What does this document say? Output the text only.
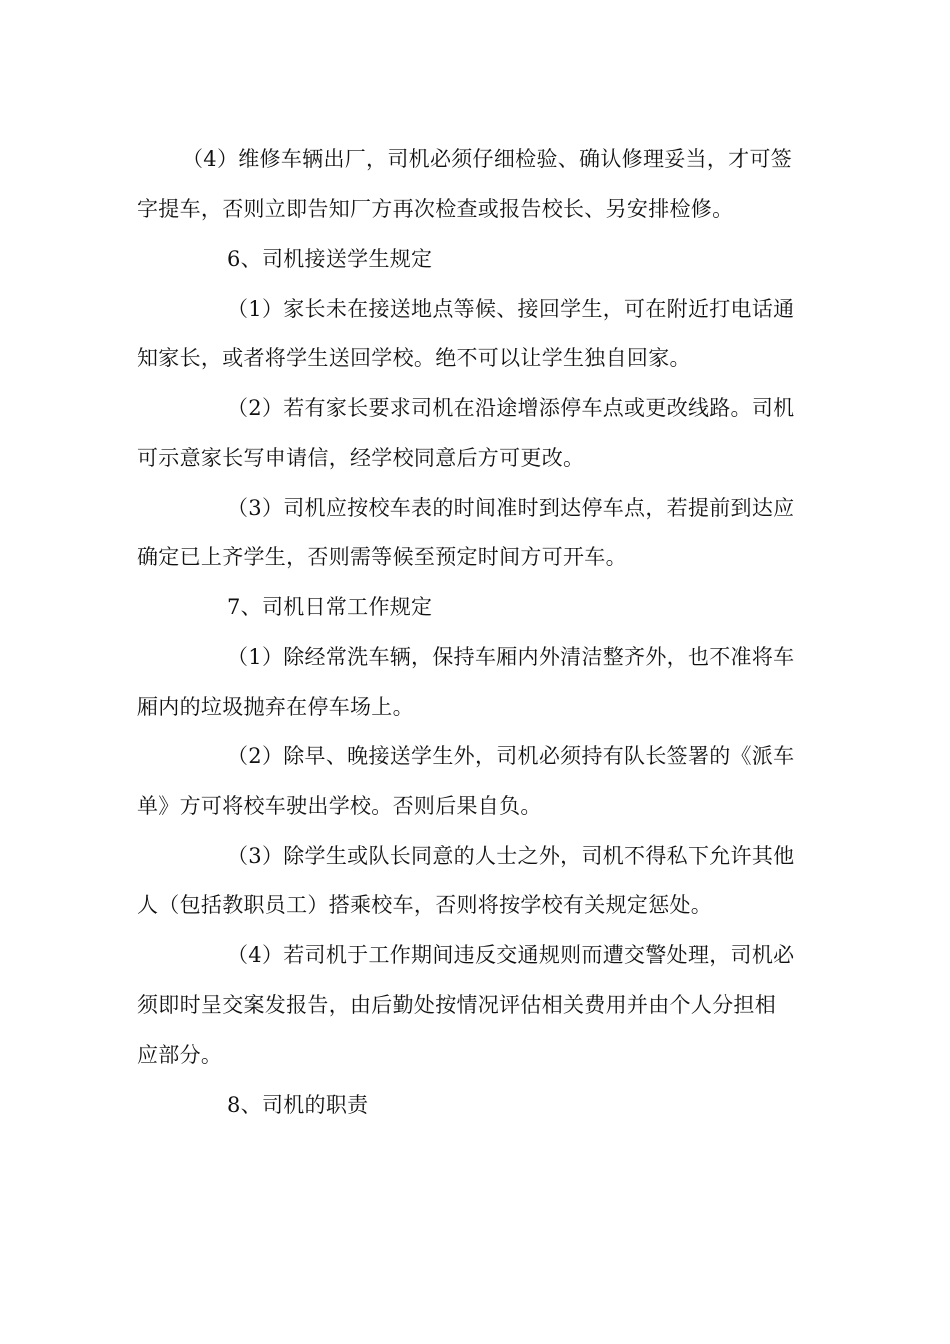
（4）维修车辆出厂，司机必须仔细检验、确认修理妥当，才可签
字提车，否则立即告知厂方再次检查或报告校长、另安排检修。
6、司机接送学生规定
（1）家长未在接送地点等候、接回学生，可在附近打电话通
知家长，或者将学生送回学校。绝不可以让学生独自回家。
（2）若有家长要求司机在沿途增添停车点或更改线路。司机
可示意家长写申请信，经学校同意后方可更改。
（3）司机应按校车表的时间准时到达停车点，若提前到达应
确定已上齐学生，否则需等候至预定时间方可开车。
7、司机日常工作规定
（1）除经常洗车辆，保持车厢内外清洁整齐外，也不准将车
厢内的垃圾抛弃在停车场上。
（2）除早、晚接送学生外，司机必须持有队长签署的《派车
单》方可将校车驶出学校。否则后果自负。
（3）除学生或队长同意的人士之外，司机不得私下允许其他
人（包括教职员工）搭乘校车，否则将按学校有关规定惩处。
（4）若司机于工作期间违反交通规则而遭交警处理，司机必
须即时呈交案发报告，由后勤处按情况评估相关费用并由个人分担相
应部分。
8、司机的职责
